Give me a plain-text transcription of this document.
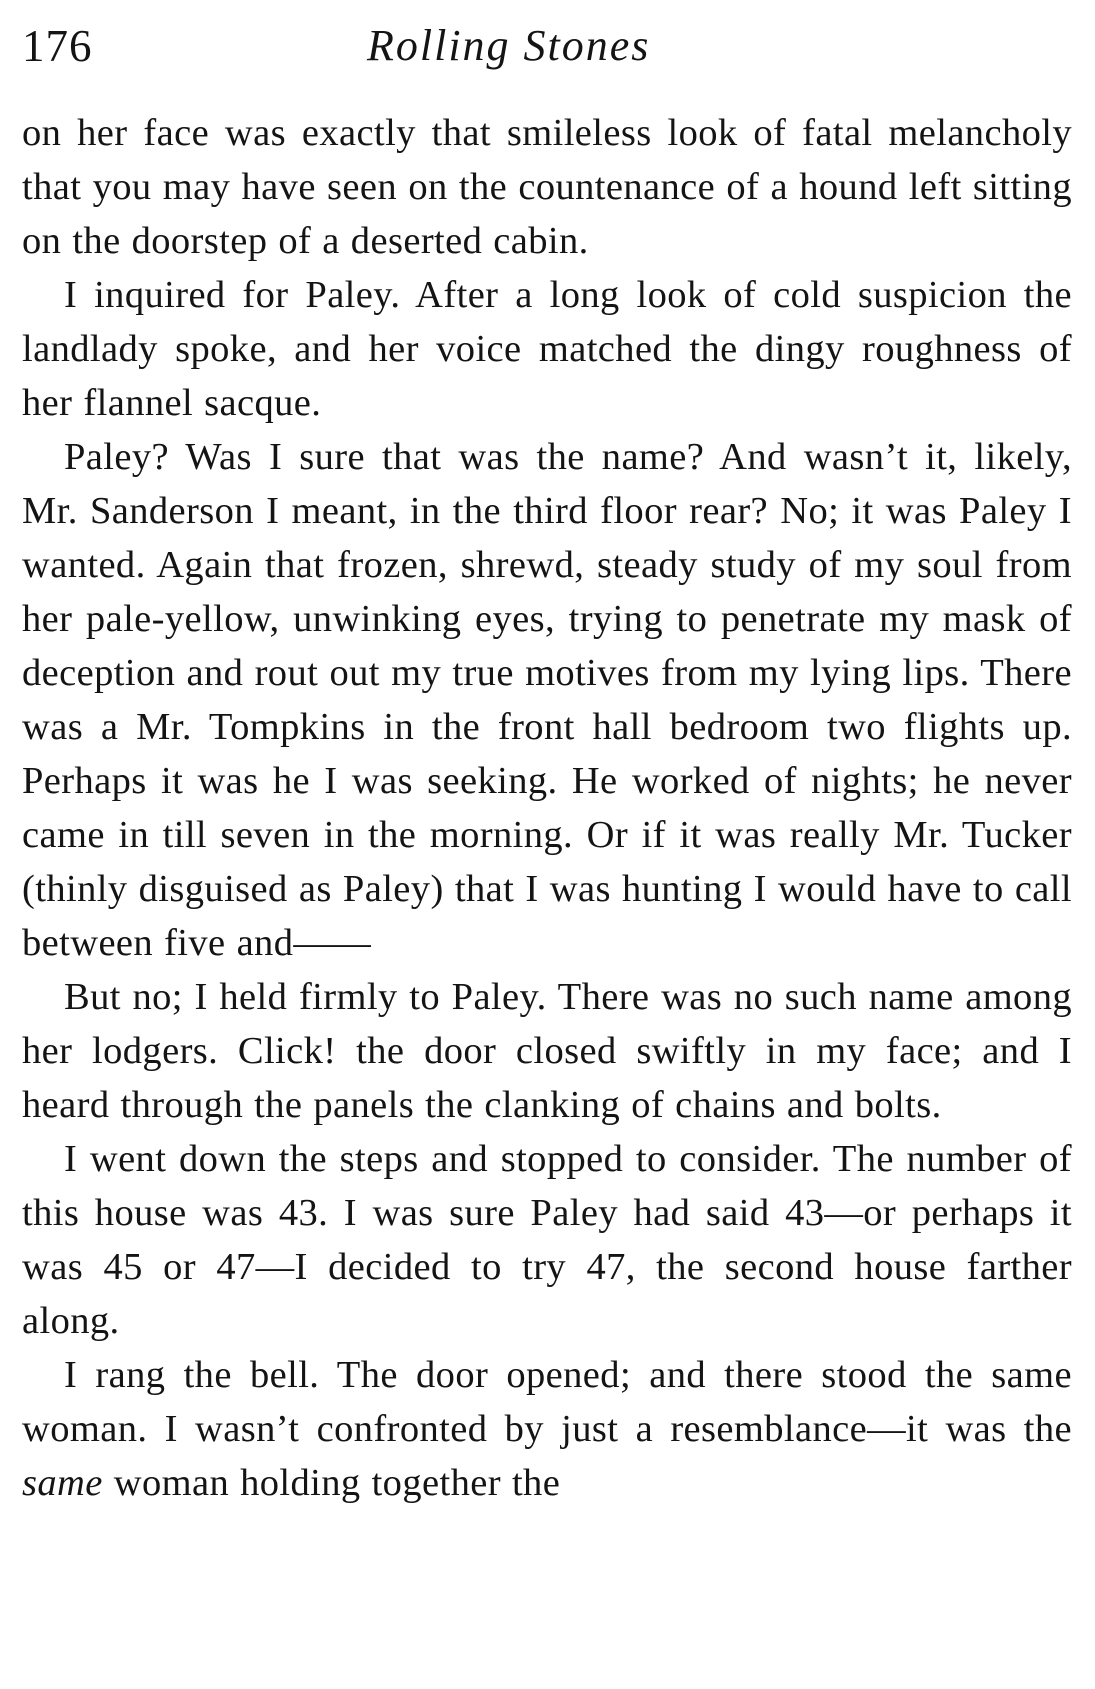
176	Rolling Stones

on her face was exactly that smileless look of fatal melancholy that you may have seen on the countenance of a hound left sitting on the doorstep of a deserted cabin.

I inquired for Paley. After a long look of cold suspicion the landlady spoke, and her voice matched the dingy roughness of her flannel sacque.

Paley? Was I sure that was the name? And wasn’t it, likely, Mr. Sanderson I meant, in the third floor rear? No; it was Paley I wanted. Again that frozen, shrewd, steady study of my soul from her pale-yellow, unwinking eyes, trying to penetrate my mask of deception and rout out my true motives from my lying lips. There was a Mr. Tompkins in the front hall bedroom two flights up. Perhaps it was he I was seeking. He worked of nights; he never came in till seven in the morning. Or if it was really Mr. Tucker (thinly disguised as Paley) that I was hunting I would have to call between five and——

But no; I held firmly to Paley. There was no such name among her lodgers. Click! the door closed swiftly in my face; and I heard through the panels the clanking of chains and bolts.

I went down the steps and stopped to consider. The number of this house was 43. I was sure Paley had said 43—or perhaps it was 45 or 47—I decided to try 47, the second house farther along.

I rang the bell. The door opened; and there stood the same woman. I wasn’t confronted by just a resemblance—it was the same woman holding together the
